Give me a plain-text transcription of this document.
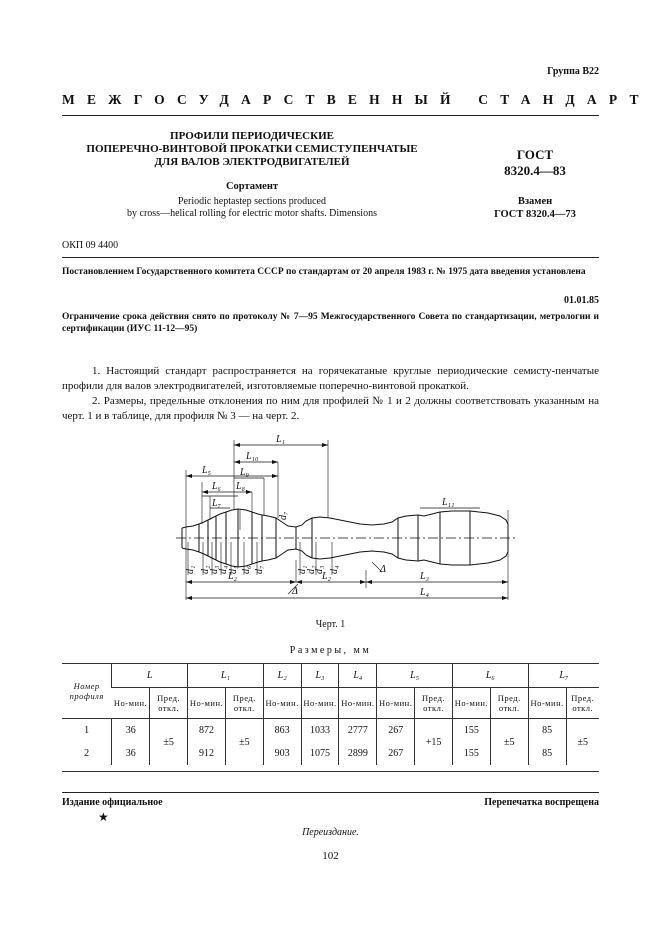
Группа В22
МЕЖГОСУДАРСТВЕННЫЙ СТАНДАРТ
ПРОФИЛИ ПЕРИОДИЧЕСКИЕ
ПОПЕРЕЧНО-ВИНТОВОЙ ПРОКАТКИ СЕМИСТУПЕНЧАТЫЕ
ДЛЯ ВАЛОВ ЭЛЕКТРОДВИГАТЕЛЕЙ
Сортамент
Periodic heptastep sections produced
by cross—helical rolling for electric motor shafts. Dimensions
ГОСТ
8320.4—83
Взамен
ГОСТ 8320.4—73
ОКП 09 4400
Постановлением Государственного комитета СССР по стандартам от 20 апреля 1983 г. № 1975 дата введения установлена
01.01.85
Ограничение срока действия снято по протоколу № 7—95 Межгосударственного Совета по стандартизации, метрологии и сертификации (ИУС 11-12—95)
1. Настоящий стандарт распространяется на горячекатаные круглые периодические семисту-пенчатые профили для валов электродвигателей, изготовляемые поперечно-винтовой прокаткой.
2. Размеры, предельные отклонения по ним для профилей № 1 и 2 должны соответствовать указанным на черт. 1 и в таблице, для профиля № 3 — на черт. 2.
L₁
L₁₀
L₅	L₉
L₆ L₈
L₇	L₁₁
L₂	L₂	L₃
L₄
Δ
Δ
d₁ d₂
d₃
d₄ d₅ d₆ d₇
d₇
d₁
d₂
d₃ d₄
Черт. 1
Размеры, мм
Номер профиля	L		L₁		L₂	L₃	L₄	L₅		L₆		L₇	
	Но-мин.	Пред. откл.	Но-мин.	Пред. откл.	Но-мин.	Но-мин.	Но-мин.	Но-мин.	Пред. откл.	Но-мин.	Пред. откл.	Но-мин.	Пред. откл.
1	36	±5	872	±5	863	1033	2777	267	+15	155	±5	85	±5
2	36		912		903	1075	2899	267		155		85	
Издание официальное	Перепечатка воспрещена
★
Переиздание.
102
